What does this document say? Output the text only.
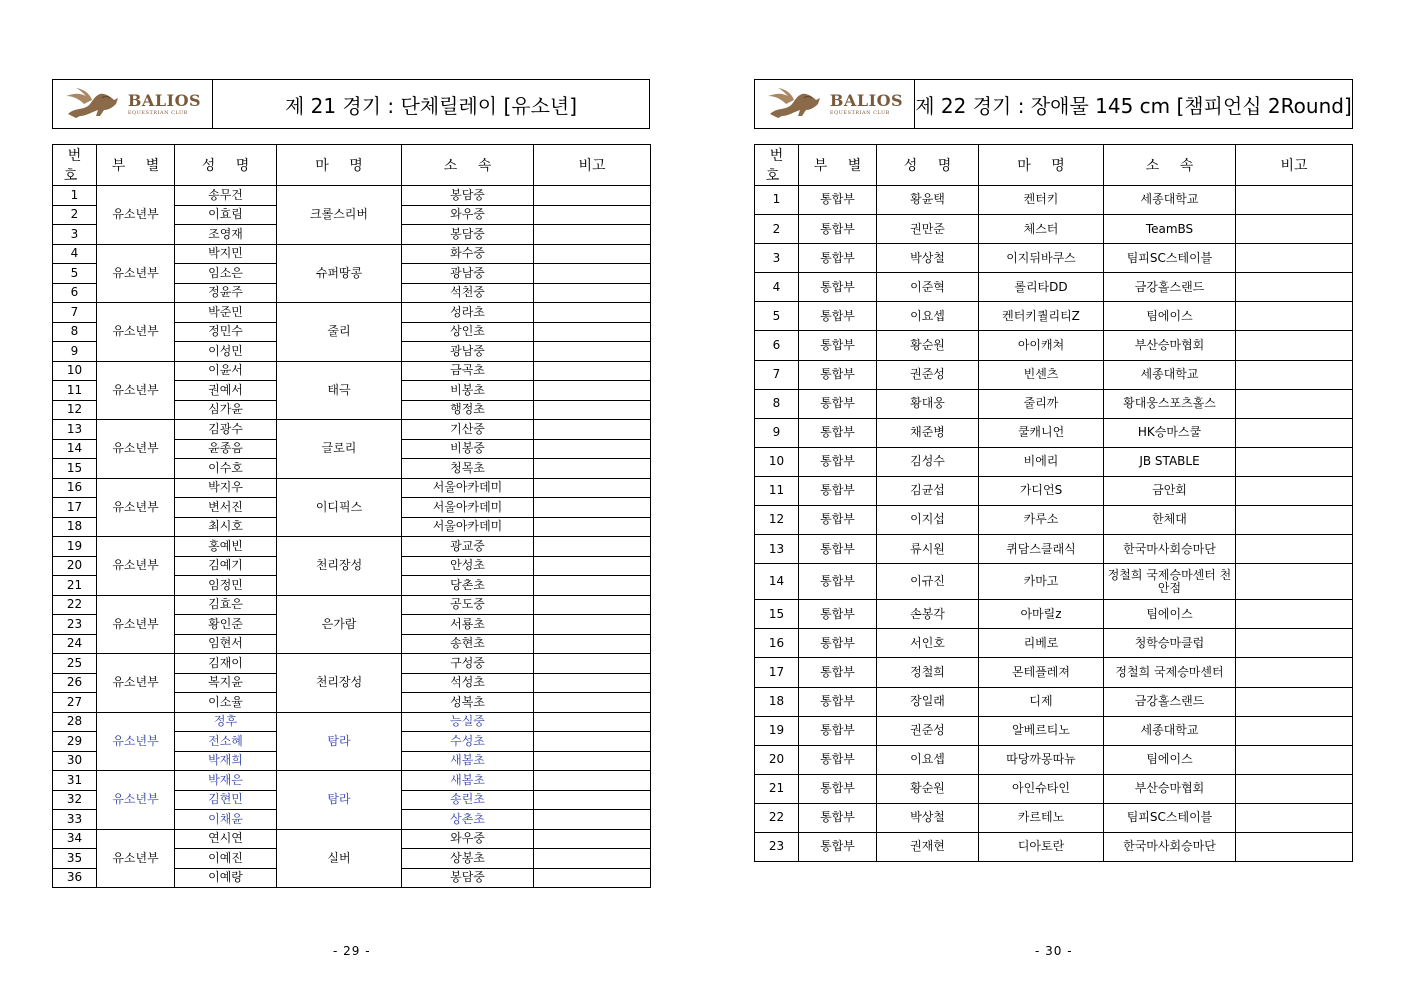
BALIOS
EQUESTRIAN CLUB	제 21 경기 : 단체릴레이 [유소년]
번호	부 별	성 명	마 명	소 속	비고
1	유소년부	송무건	크롤스리버	봉담중	
2		이효림		와우중	
3		조영재		봉담중	
4	유소년부	박지민	슈퍼땅콩	화수중	
5		임소은		광남중	
6		정윤주		석천중	
7	유소년부	박준민	줄리	성라초	
8		정민수		상인초	
9		이성민		광남중	
10	유소년부	이윤서	태극	금곡초	
11		권예서		비봉초	
12		심가윤		행정초	
13	유소년부	김광수	글로리	기산중	
14		윤종음		비봉중	
15		이수호		청목초	
16	유소년부	박지우	이디픽스	서울아카데미	
17		변서진		서울아카데미	
18		최시호		서울아카데미	
19	유소년부	홍예빈	천리장성	광교중	
20		김예기		안성초	
21		임정민		당촌초	
22	유소년부	김효은	은가람	공도중	
23		황인준		서룡초	
24		임현서		송현초	
25	유소년부	김재이	천리장성	구성중	
26		복지윤		석성초	
27		이소율		성복초	
28	유소년부	정후	탐라	능실중	
29		전소혜		수성초	
30		박재희		새봄초	
31	유소년부	박재은	탐라	새봄초	
32		김현민		송린초	
33		이채윤		상촌초	
34	유소년부	연시연	실버	와우중	
35		이예진		상봉초	
36		이예랑		봉담중	
- 29 -
BALIOS
EQUESTRIAN CLUB 제 22 경기 : 장애물 145 cm [챔피언십 2Round]
번호	부 별	성 명	마 명	소 속	비고
1	통합부	황윤택	켄터키	세종대학교	
2	통합부	권만준	체스터	TeamBS	
3	통합부	박상철	이지뒤바쿠스	팀피SC스테이블	
4	통합부	이준혁	롤리타DD	금강홀스랜드	
5	통합부	이요셉	켄터키퀄리티Z	팀에이스	
6	통합부	황순원	아이캐쳐	부산승마협회	
7	통합부	권준성	빈센츠	세종대학교	
8	통합부	황대웅	줄리까	황대웅스포츠홀스	
9	통합부	채준병	쿨캐니언	HK승마스쿨	
10	통합부	김성수	비에리	JB STABLE	
11	통합부	김균섭	가디언S	금안회	
12	통합부	이지섭	카루소	한체대	
13	통합부	류시원	퀴담스클래식	한국마사회승마단	
14	통합부	이규진	카마고	정철희 국제승마센터 천안점	
15	통합부	손봉각	아마릴z	팀에이스	
16	통합부	서인호	리베로	청학승마클럽	
17	통합부	정철희	몬테플레져	정철희 국제승마센터	
18	통합부	장일래	디제	금강홀스랜드	
19	통합부	권준성	알베르티노	세종대학교	
20	통합부	이요셉	따당까몽따뉴	팀에이스	
21	통합부	황순원	아인슈타인	부산승마협회	
22	통합부	박상철	카르테노	팀피SC스테이블	
23	통합부	권재현	디아토란	한국마사회승마단	
- 30 -
